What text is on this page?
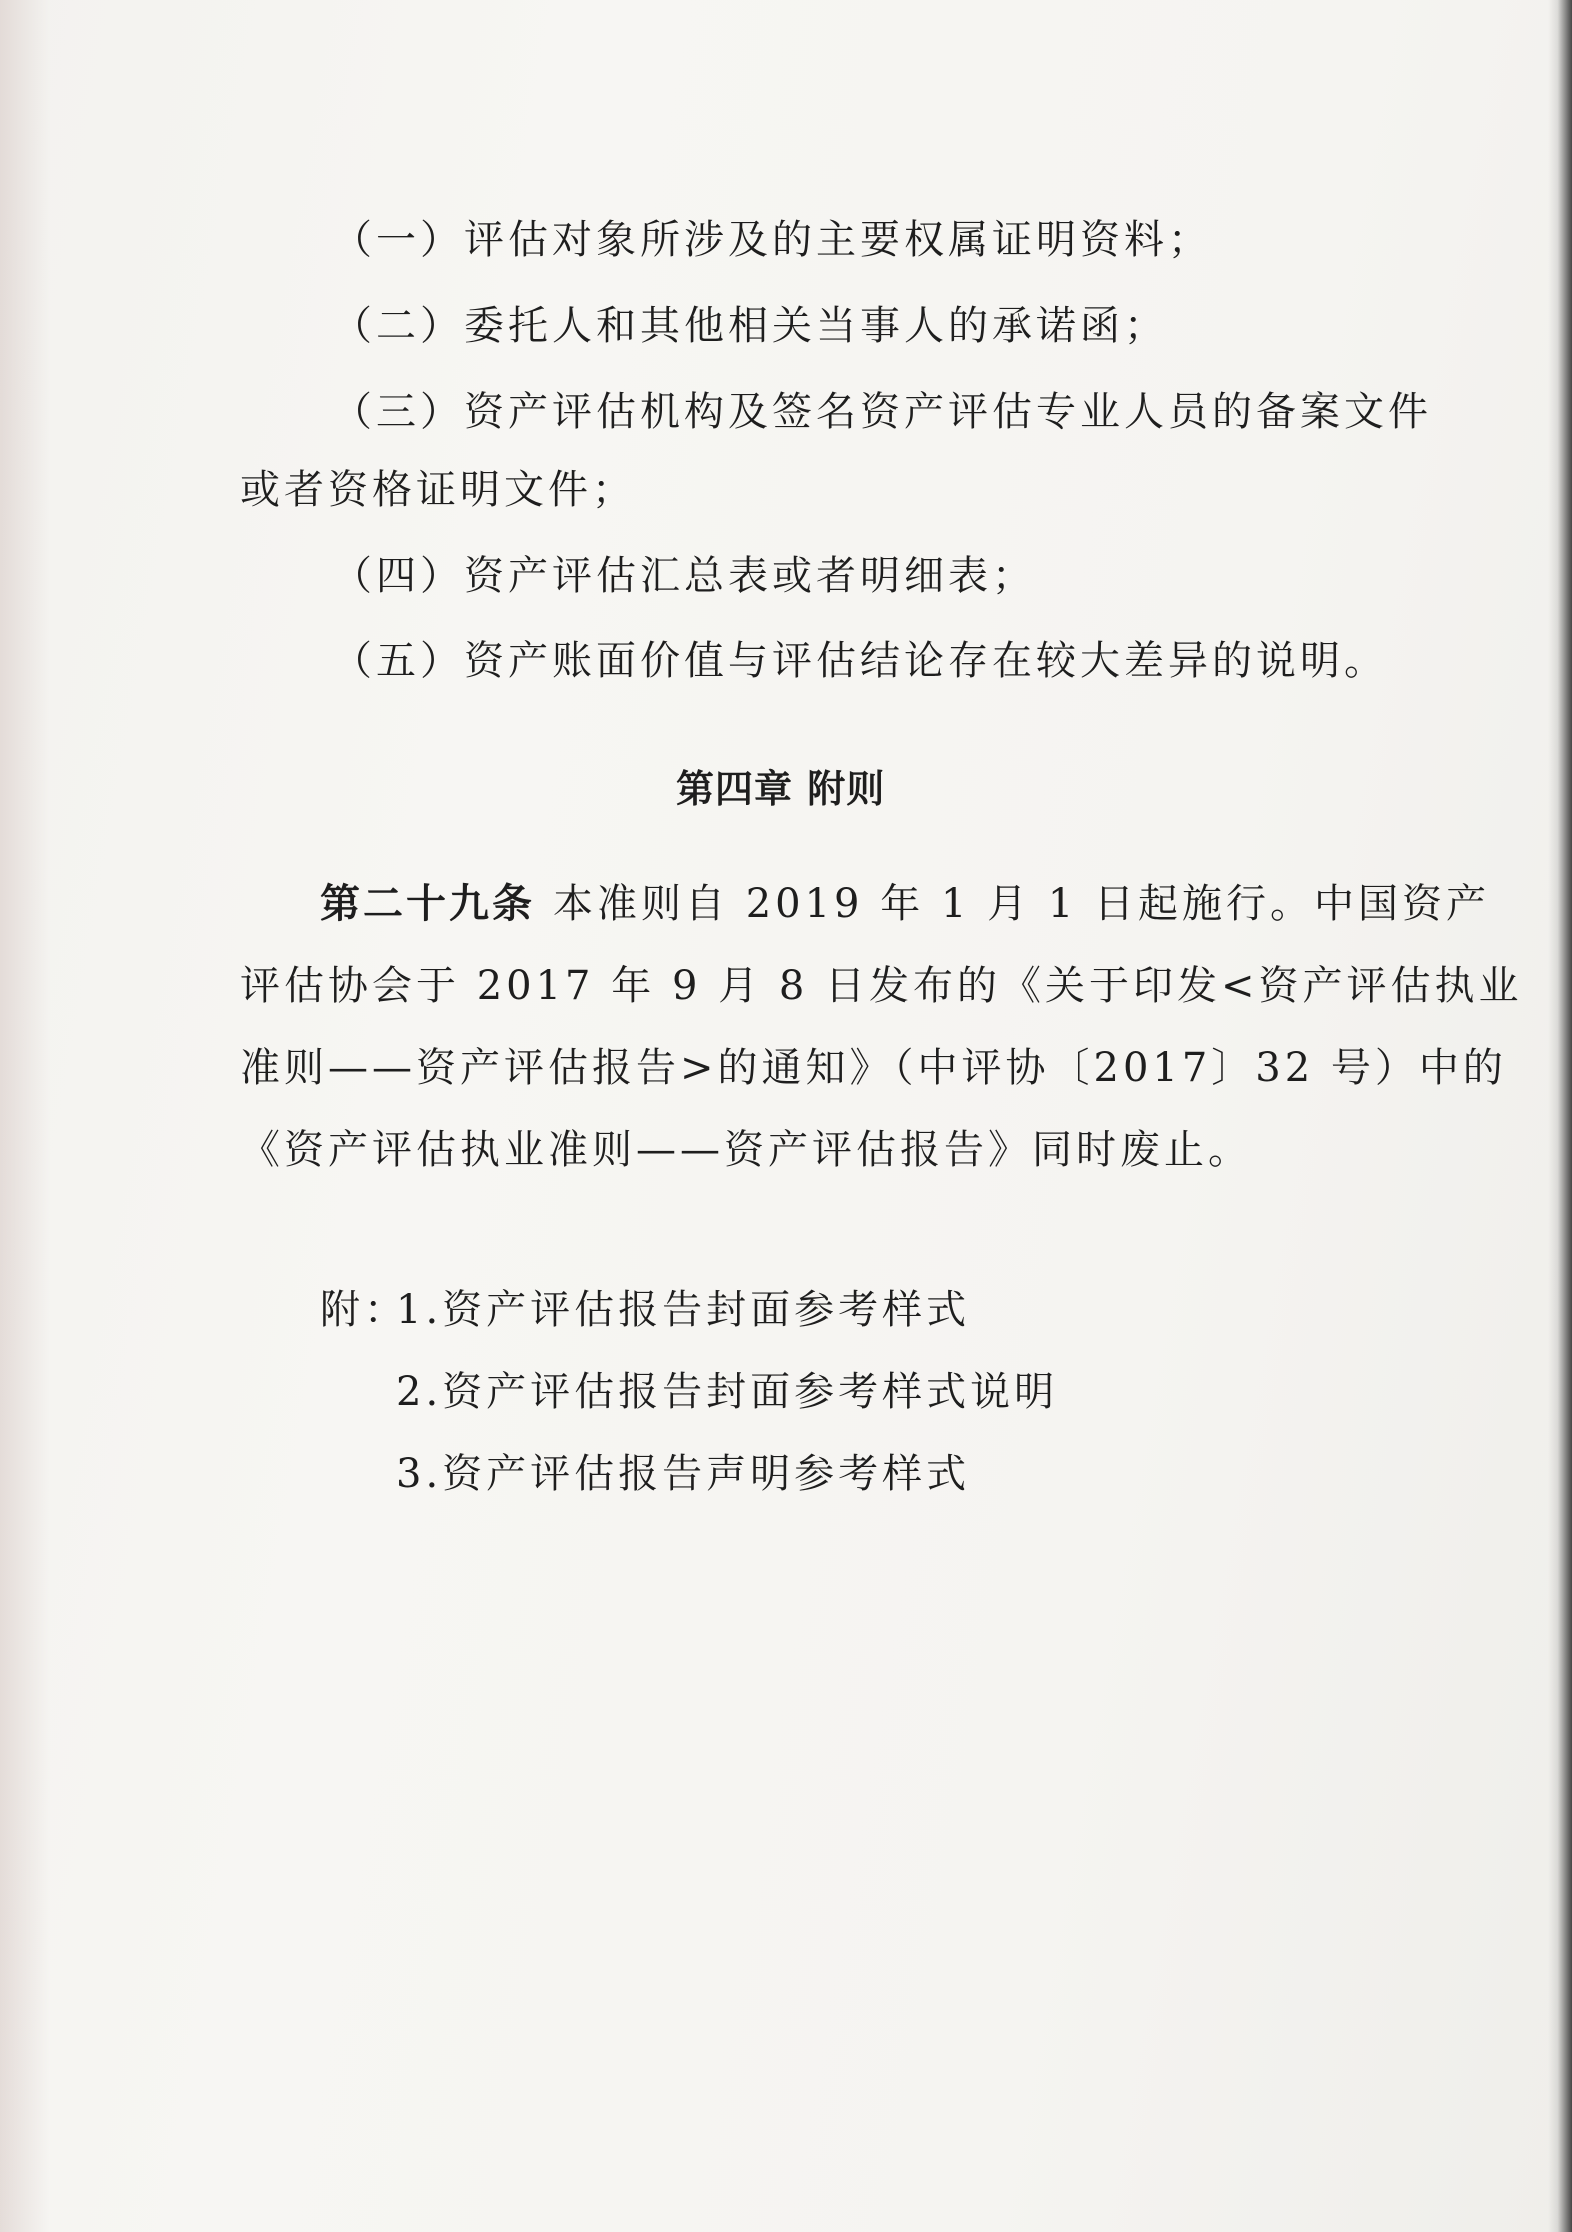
（一）评估对象所涉及的主要权属证明资料；
（二）委托人和其他相关当事人的承诺函；
（三）资产评估机构及签名资产评估专业人员的备案文件
或者资格证明文件；
（四）资产评估汇总表或者明细表；
（五）资产账面价值与评估结论存在较大差异的说明。
第四章 附则
第二十九条 本准则自 2019 年 1 月 1 日起施行。中国资产
评估协会于 2017 年 9 月 8 日发布的《关于印发<资产评估执业
准则——资产评估报告>的通知》（中评协〔2017〕32 号）中的
《资产评估执业准则——资产评估报告》同时废止。
附：
1.资产评估报告封面参考样式
2.资产评估报告封面参考样式说明
3.资产评估报告声明参考样式
